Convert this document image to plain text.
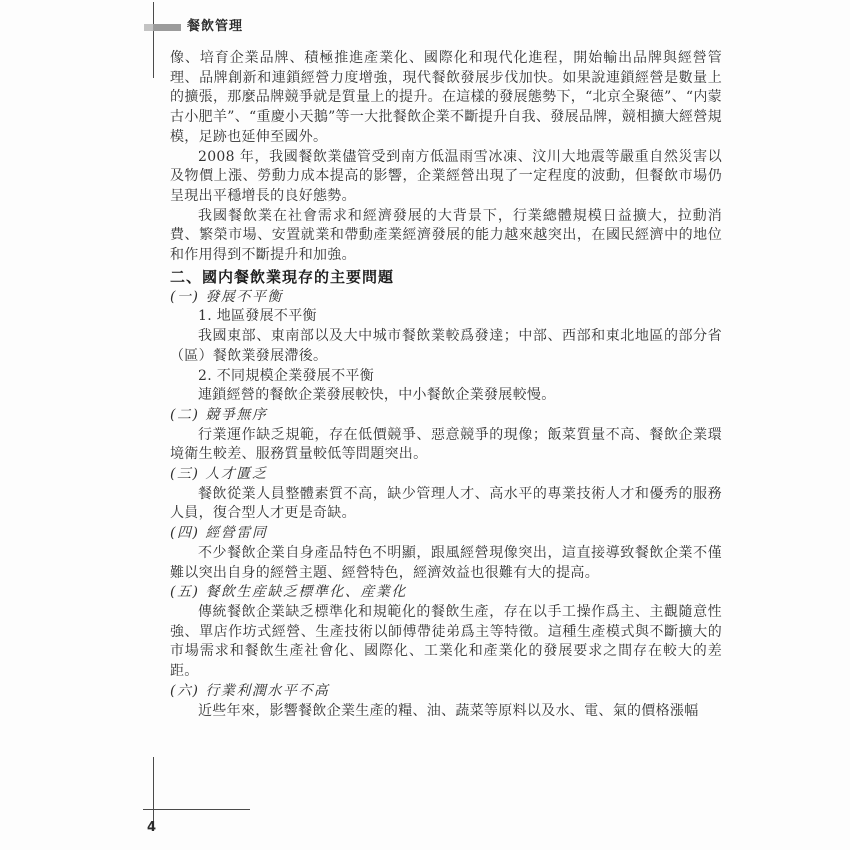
餐飲管理

像、培育企業品牌、積極推進產業化、國際化和現代化進程，開始輸出品牌與經營管理、品牌創新和連鎖經營力度增強，現代餐飲發展步伐加快。如果說連鎖經營是數量上的擴張，那麼品牌競爭就是質量上的提升。在這樣的發展態勢下，“北京全聚德”、“内蒙古小肥羊”、“重慶小天鵝”等一大批餐飲企業不斷提升自我、發展品牌，競相擴大經營規模，足跡也延伸至國外。

2008 年，我國餐飲業儘管受到南方低温雨雪冰凍、汶川大地震等嚴重自然災害以及物價上漲、勞動力成本提高的影響，企業經營出現了一定程度的波動，但餐飲市場仍呈現出平穩增長的良好態勢。

我國餐飲業在社會需求和經濟發展的大背景下，行業總體規模日益擴大，拉動消費、繁榮市場、安置就業和帶動產業經濟發展的能力越來越突出，在國民經濟中的地位和作用得到不斷提升和加強。

二、國内餐飲業現存的主要問題

(一) 發展不平衡

1. 地區發展不平衡

我國東部、東南部以及大中城市餐飲業較爲發達；中部、西部和東北地區的部分省（區）餐飲業發展滯後。

2. 不同規模企業發展不平衡

連鎖經營的餐飲企業發展較快，中小餐飲企業發展較慢。

(二) 競爭無序

行業運作缺乏規範，存在低價競爭、惡意競爭的現像；飯菜質量不高、餐飲企業環境衛生較差、服務質量較低等問題突出。

(三) 人才匱乏

餐飲從業人員整體素質不高，缺少管理人才、高水平的專業技術人才和優秀的服務人員，復合型人才更是奇缺。

(四) 經營雷同

不少餐飲企業自身產品特色不明顯，跟風經營現像突出，這直接導致餐飲企業不僅難以突出自身的經營主題、經營特色，經濟效益也很難有大的提高。

(五) 餐飲生産缺乏標準化、産業化

傳統餐飲企業缺乏標準化和規範化的餐飲生產，存在以手工操作爲主、主觀隨意性強、單店作坊式經營、生產技術以師傅帶徒弟爲主等特徵。這種生產模式與不斷擴大的市場需求和餐飲生產社會化、國際化、工業化和產業化的發展要求之間存在較大的差距。

(六) 行業利潤水平不高

近些年來，影響餐飲企業生產的糧、油、蔬菜等原料以及水、電、氣的價格漲幅

4
